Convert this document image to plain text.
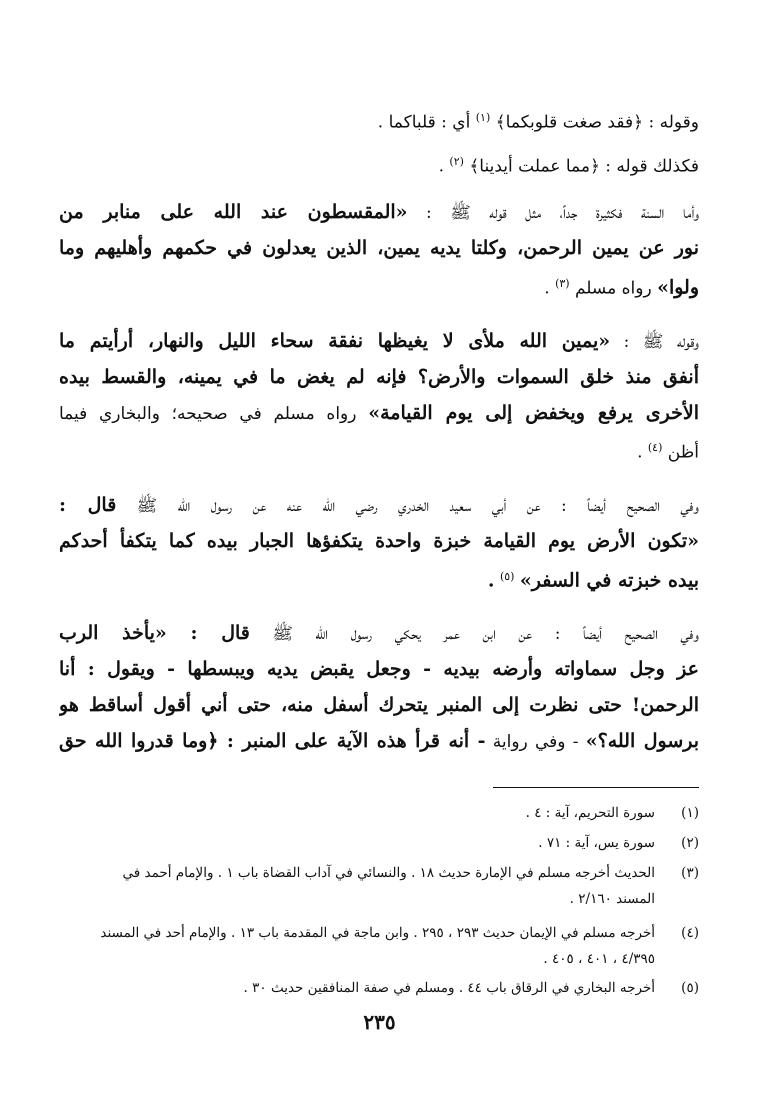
وقوله : ﴿فقد صغت قلوبكما﴾ $^{(١)}$ أي : قلباكما .
فكذلك قوله : ﴿مما عملت أيدينا﴾ $^{(٢)}$ .
وأما السنة فكثيرة جداً، مثل قوله ﷺ : «المقسطون عند الله على منابر من
نور عن يمين الرحمن، وكلتا يديه يمين، الذين يعدلون في حكمهم وأهليهم وما
ولوا» رواه مسلم $^{(٣)}$ .
وقوله ﷺ : «يمين الله ملأى لا يغيظها نفقة سحاء الليل والنهار، أرأيتم ما
أنفق منذ خلق السموات والأرض؟ فإنه لم يغض ما في يمينه، والقسط بيده
الأخرى يرفع ويخفض إلى يوم القيامة» رواه مسلم في صحيحه؛ والبخاري فيما
أظن $^{(٤)}$ .
وفي الصحيح أيضاً : عن أبي سعيد الخدري رضي الله عنه عن رسول الله ﷺ قال :
«تكون الأرض يوم القيامة خبزة واحدة يتكفؤها الجبار بيده كما يتكفأ أحدكم
بيده خبزته في السفر» $^{(٥)}$ .
وفي الصحيح أيضاً : عن ابن عمر يحكي رسول الله ﷺ قال : «يأخذ الرب
عز وجل سماواته وأرضه بيديه - وجعل يقبض يديه ويبسطها - ويقول : أنا
الرحمن! حتى نظرت إلى المنبر يتحرك أسفل منه، حتى أني أقول أساقط هو
برسول الله؟» - وفي رواية - أنه قرأ هذه الآية على المنبر : ﴿وما قدروا الله حق
(١)سورة التحريم، آية : ٤ .
(٢)سورة يس، آية : ٧١ .
(٣)الحديث أخرجه مسلم في الإمارة حديث ١٨ . والنسائي في آداب القضاة باب ١ . والإمام أحمد في
المسند ٢/١٦٠ .
(٤)أخرجه مسلم في الإيمان حديث ٢٩٣ ، ٢٩٥ . وابن ماجة في المقدمة باب ١٣ . والإمام أحد في المسند
٤/٣٩٥ ، ٤٠١ ، ٤٠٥ .
(٥)أخرجه البخاري في الرقاق باب ٤٤ . ومسلم في صفة المنافقين حديث ٣٠ .
٢٣٥
